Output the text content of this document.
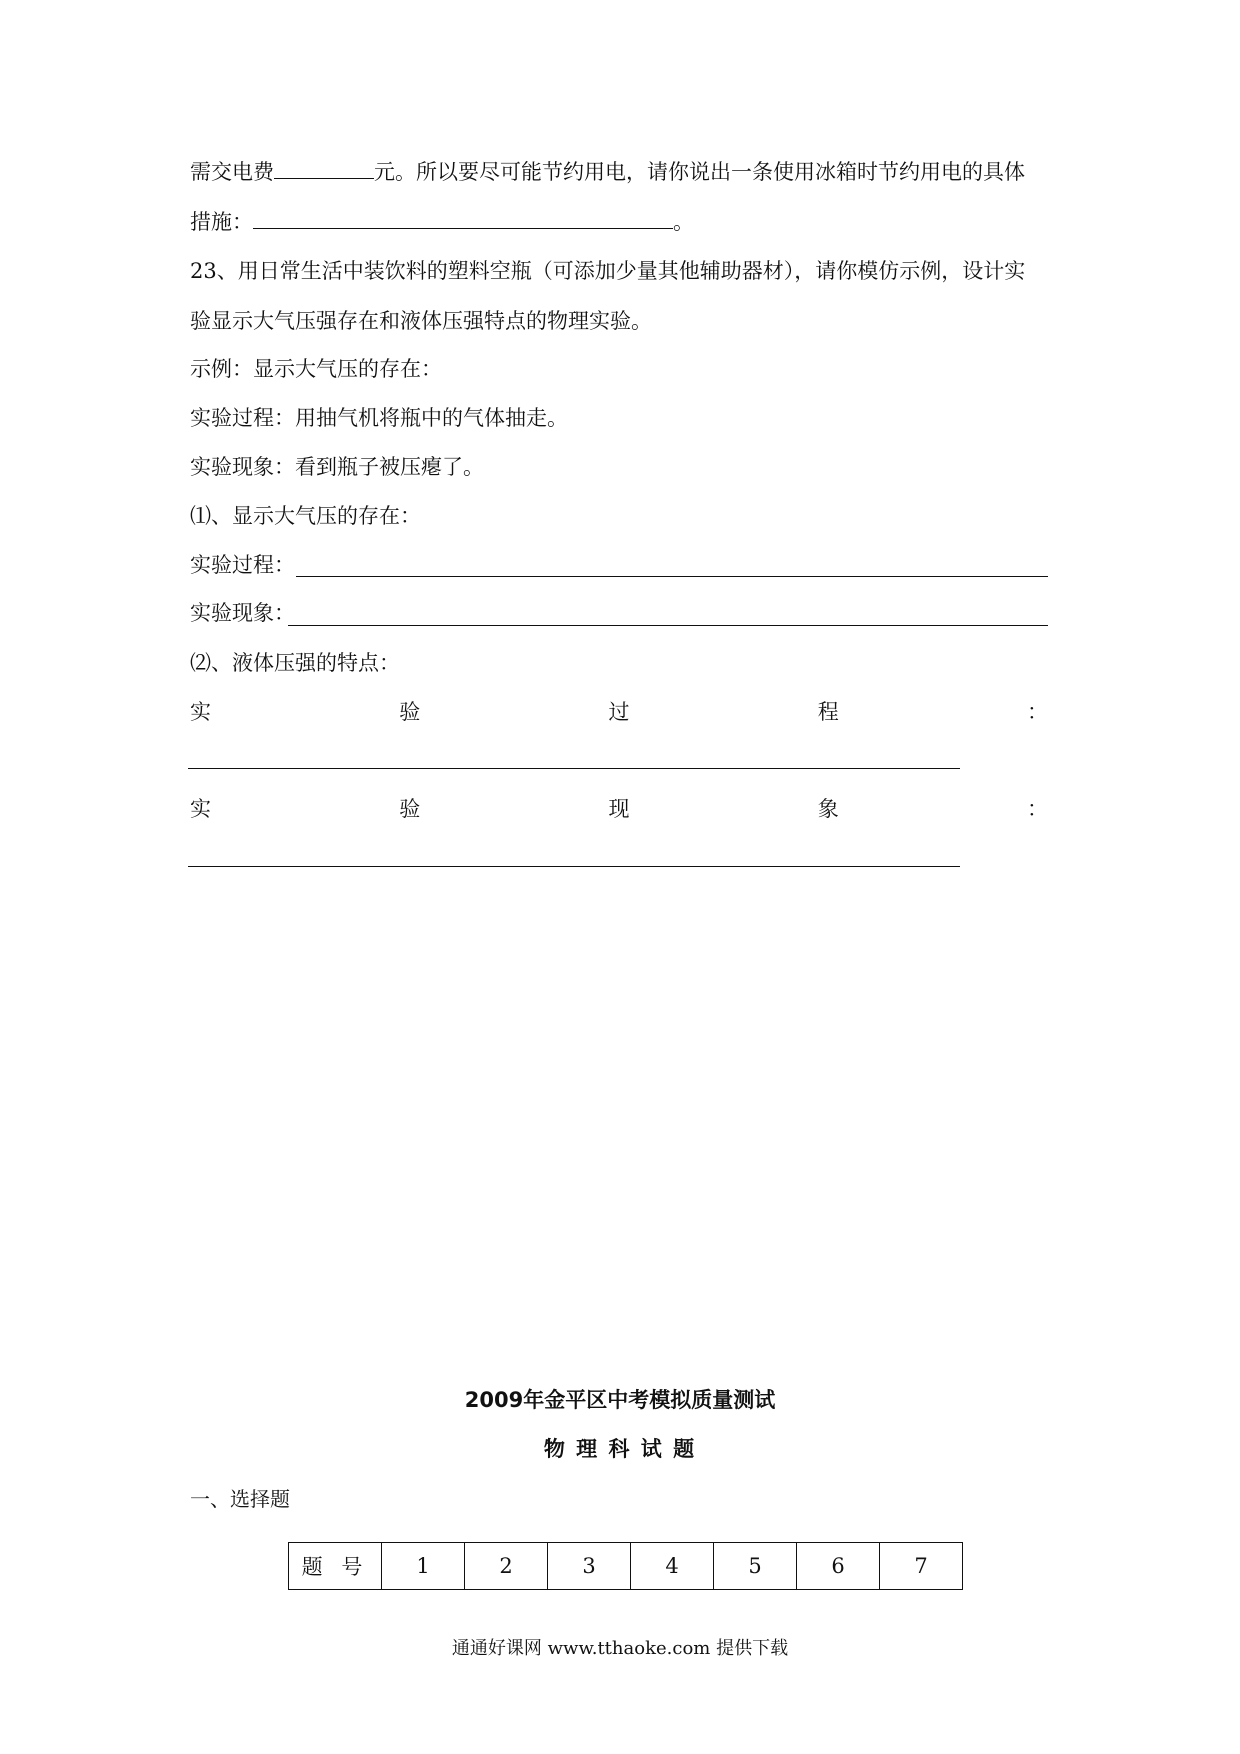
需交电费	元。所以要尽可能节约用电，请你说出一条使用冰箱时节约用电的具体
措施：	。
23、用日常生活中装饮料的塑料空瓶（可添加少量其他辅助器材），请你模仿示例，设计实
验显示大气压强存在和液体压强特点的物理实验。
示例：显示大气压的存在：
实验过程：用抽气机将瓶中的气体抽走。
实验现象：看到瓶子被压瘪了。
⑴、显示大气压的存在：
实验过程：
实验现象：
⑵、液体压强的特点：
实	验	过	程	：
实	验	现	象	：
2009年金平区中考模拟质量测试
物 理 科 试 题
一、选择题
题 号	1	2	3	4	5	6	7
通通好课网 www.tthaoke.com 提供下载
